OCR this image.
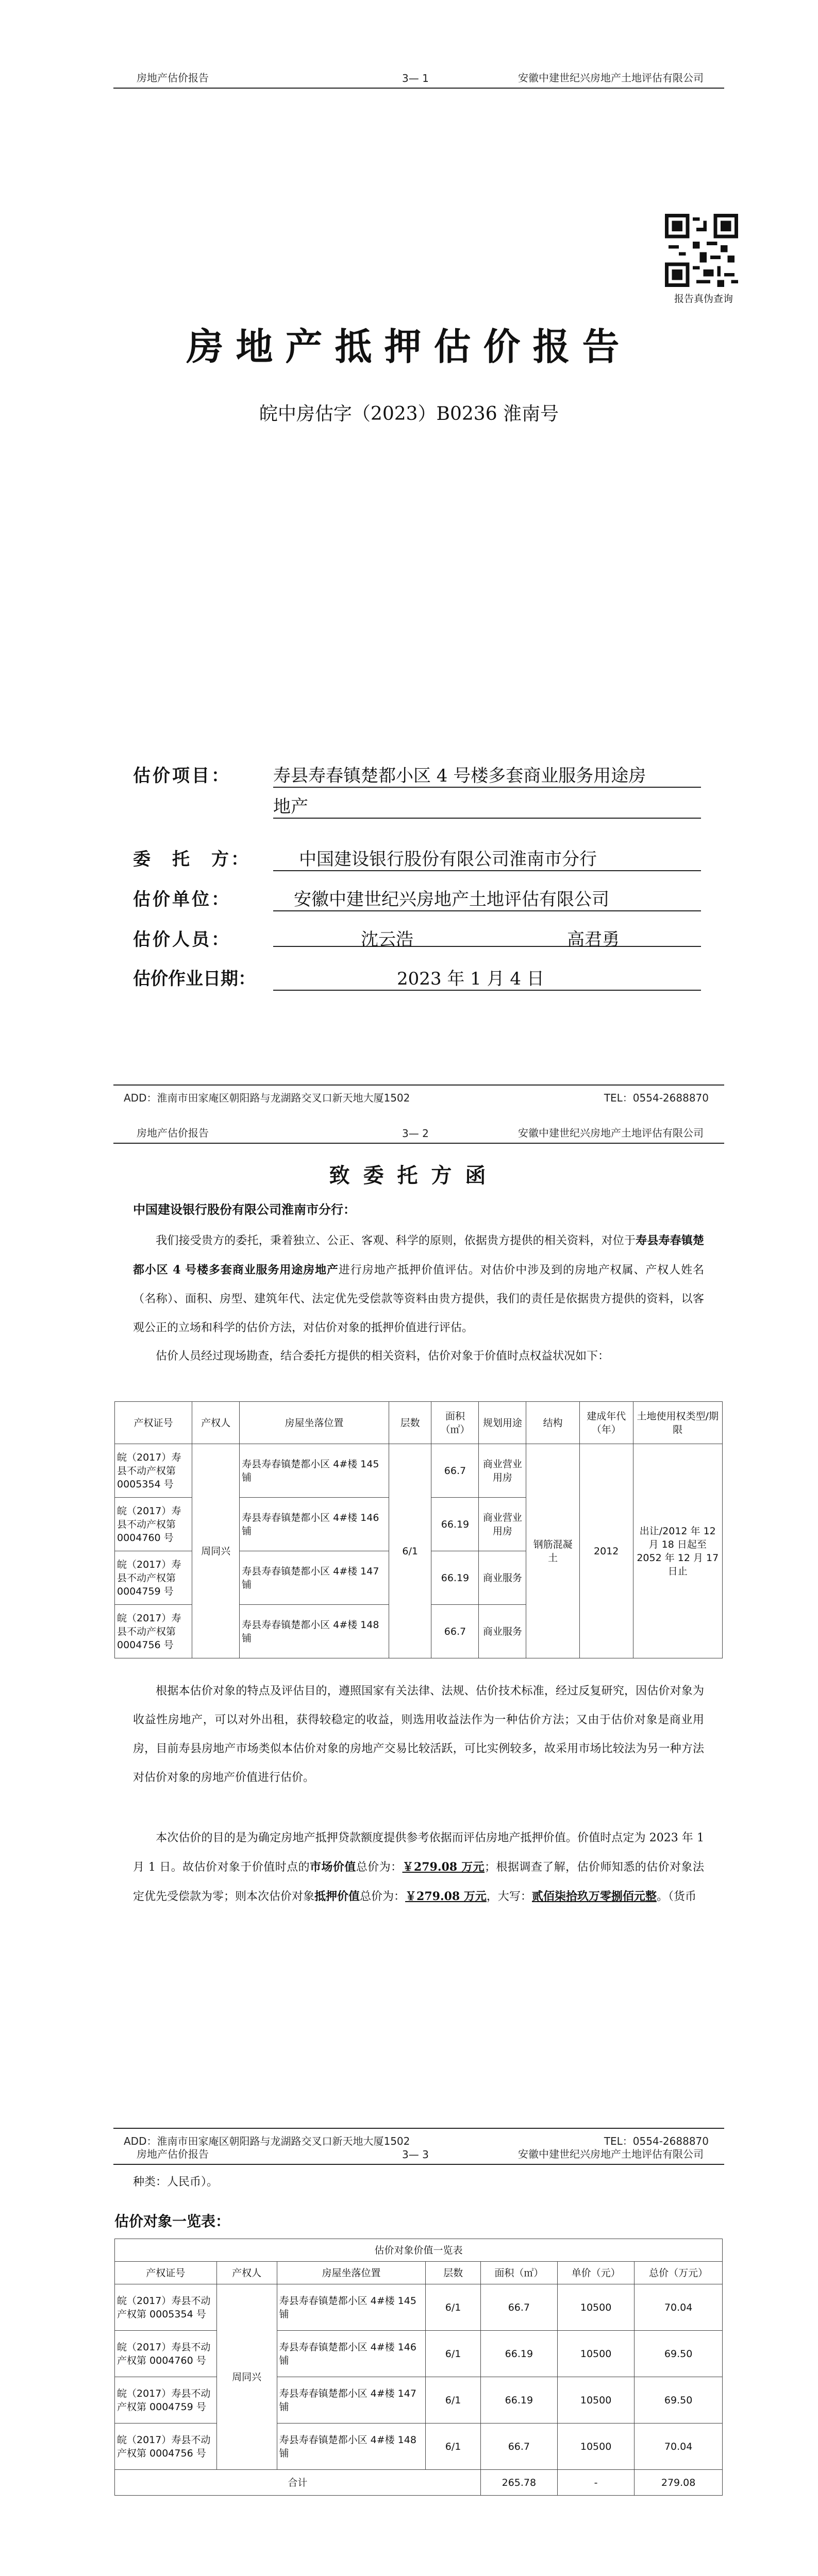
房地产估价报告	3— 1	安徽中建世纪兴房地产土地评估有限公司
报告真伪查询
房地产抵押估价报告
皖中房估字（2023）B0236 淮南号
估价项目： 寿县寿春镇楚都小区 4 号楼多套商业服务用途房
地产
委　托　方：	中国建设银行股份有限公司淮南市分行
估价单位：	安徽中建世纪兴房地产土地评估有限公司
估价人员：	沈云浩	高君勇

估价作业日期：	2023 年 1 月 4 日
ADD：淮南市田家庵区朝阳路与龙湖路交叉口新天地大厦1502	TEL：0554-2688870
房地产估价报告	3— 2	安徽中建世纪兴房地产土地评估有限公司
致 委 托 方 函
中国建设银行股份有限公司淮南市分行：
我们接受贵方的委托，秉着独立、公正、客观、科学的原则，依据贵方提供的相关资料，对位于寿县寿春镇楚都小区 4 号楼多套商业服务用途房地产进行房地产抵押价值评估。对估价中涉及到的房地产权属、产权人姓名（名称）、面积、房型、建筑年代、法定优先受偿款等资料由贵方提供，我们的责任是依据贵方提供的资料，以客观公正的立场和科学的估价方法，对估价对象的抵押价值进行评估。
估价人员经过现场勘查，结合委托方提供的相关资料，估价对象于价值时点权益状况如下：
产权证号	产权人	房屋坐落位置	层数	面积（㎡）	规划用途	结构	建成年代（年）	土地使用权类型/期限
皖（2017）寿县不动产权第 0005354 号	周同兴	寿县寿春镇楚都小区 4#楼 145 铺	6/1	66.7	商业营业用房	钢筋混凝土	2012	出让/2012 年 12 月 18 日起至 2052 年 12 月 17 日止
皖（2017）寿县不动产权第 0004760 号		寿县寿春镇楚都小区 4#楼 146 铺		66.19	商业营业用房			
皖（2017）寿县不动产权第 0004759 号		寿县寿春镇楚都小区 4#楼 147 铺		66.19	商业服务			
皖（2017）寿县不动产权第 0004756 号		寿县寿春镇楚都小区 4#楼 148 铺		66.7	商业服务			
根据本估价对象的特点及评估目的，遵照国家有关法律、法规、估价技术标准，经过反复研究，因估价对象为收益性房地产，可以对外出租，获得较稳定的收益，则选用收益法作为一种估价方法；又由于估价对象是商业用房，目前寿县房地产市场类似本估价对象的房地产交易比较活跃，可比实例较多，故采用市场比较法为另一种方法对估价对象的房地产价值进行估价。
本次估价的目的是为确定房地产抵押贷款额度提供参考依据而评估房地产抵押价值。价值时点定为 2023 年 1 月 1 日。故估价对象于价值时点的市场价值总价为：￥279.08 万元；根据调查了解，估价师知悉的估价对象法定优先受偿款为零；则本次估价对象抵押价值总价为：￥279.08 万元，大写：贰佰柒拾玖万零捌佰元整。（货币
ADD：淮南市田家庵区朝阳路与龙湖路交叉口新天地大厦1502	TEL：0554-2688870
房地产估价报告	3— 3	安徽中建世纪兴房地产土地评估有限公司
种类：人民币）。
估价对象一览表：
估价对象价值一览表						
产权证号	产权人	房屋坐落位置	层数	面积（㎡）	单价（元）	总价（万元）
皖（2017）寿县不动产权第 0005354 号	周同兴	寿县寿春镇楚都小区 4#楼 145 铺	6/1	66.7	10500	70.04
皖（2017）寿县不动产权第 0004760 号		寿县寿春镇楚都小区 4#楼 146 铺	6/1	66.19	10500	69.50
皖（2017）寿县不动产权第 0004759 号		寿县寿春镇楚都小区 4#楼 147 铺	6/1	66.19	10500	69.50
皖（2017）寿县不动产权第 0004756 号		寿县寿春镇楚都小区 4#楼 148 铺	6/1	66.7	10500	70.04
合计				265.78	-	279.08
